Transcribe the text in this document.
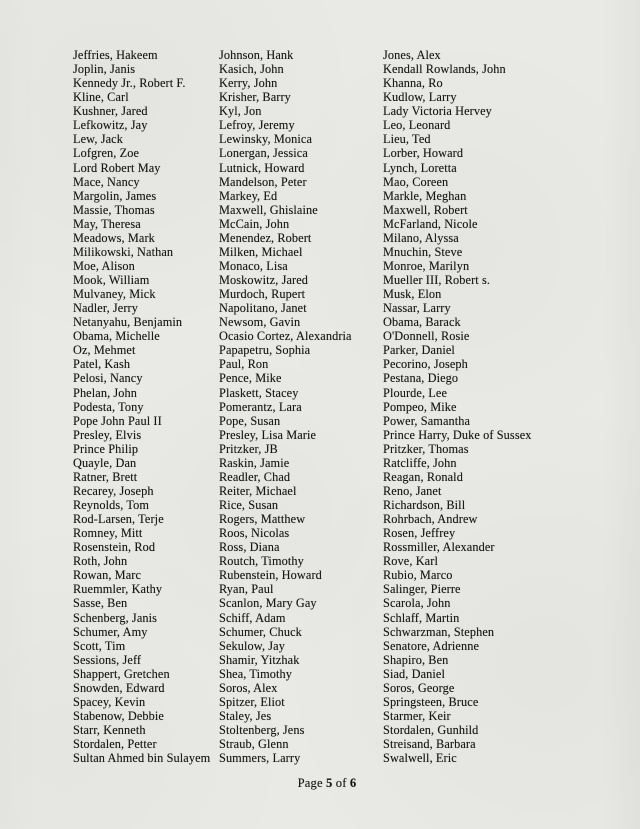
Jeffries, Hakeem
Joplin, Janis
Kennedy Jr., Robert F.
Kline, Carl
Kushner, Jared
Lefkowitz, Jay
Lew, Jack
Lofgren, Zoe
Lord Robert May
Mace, Nancy
Margolin, James
Massie, Thomas
May, Theresa
Meadows, Mark
Milikowski, Nathan
Moe, Alison
Mook, William
Mulvaney, Mick
Nadler, Jerry
Netanyahu, Benjamin
Obama, Michelle
Oz, Mehmet
Patel, Kash
Pelosi, Nancy
Phelan, John
Podesta, Tony
Pope John Paul II
Presley, Elvis
Prince Philip
Quayle, Dan
Ratner, Brett
Recarey, Joseph
Reynolds, Tom
Rod-Larsen, Terje
Romney, Mitt
Rosenstein, Rod
Roth, John
Rowan, Marc
Ruemmler, Kathy
Sasse, Ben
Schenberg, Janis
Schumer, Amy
Scott, Tim
Sessions, Jeff
Shappert, Gretchen
Snowden, Edward
Spacey, Kevin
Stabenow, Debbie
Starr, Kenneth
Stordalen, Petter
Sultan Ahmed bin Sulayem
Johnson, Hank
Kasich, John
Kerry, John
Krisher, Barry
Kyl, Jon
Lefroy, Jeremy
Lewinsky, Monica
Lonergan, Jessica
Lutnick, Howard
Mandelson, Peter
Markey, Ed
Maxwell, Ghislaine
McCain, John
Menendez, Robert
Milken, Michael
Monaco, Lisa
Moskowitz, Jared
Murdoch, Rupert
Napolitano, Janet
Newsom, Gavin
Ocasio Cortez, Alexandria
Papapetru, Sophia
Paul, Ron
Pence, Mike
Plaskett, Stacey
Pomerantz, Lara
Pope, Susan
Presley, Lisa Marie
Pritzker, JB
Raskin, Jamie
Readler, Chad
Reiter, Michael
Rice, Susan
Rogers, Matthew
Roos, Nicolas
Ross, Diana
Routch, Timothy
Rubenstein, Howard
Ryan, Paul
Scanlon, Mary Gay
Schiff, Adam
Schumer, Chuck
Sekulow, Jay
Shamir, Yitzhak
Shea, Timothy
Soros, Alex
Spitzer, Eliot
Staley, Jes
Stoltenberg, Jens
Straub, Glenn
Summers, Larry
Jones, Alex
Kendall Rowlands, John
Khanna, Ro
Kudlow, Larry
Lady Victoria Hervey
Leo, Leonard
Lieu, Ted
Lorber, Howard
Lynch, Loretta
Mao, Coreen
Markle, Meghan
Maxwell, Robert
McFarland, Nicole
Milano, Alyssa
Mnuchin, Steve
Monroe, Marilyn
Mueller III, Robert s.
Musk, Elon
Nassar, Larry
Obama, Barack
O'Donnell, Rosie
Parker, Daniel
Pecorino, Joseph
Pestana, Diego
Plourde, Lee
Pompeo, Mike
Power, Samantha
Prince Harry, Duke of Sussex
Pritzker, Thomas
Ratcliffe, John
Reagan, Ronald
Reno, Janet
Richardson, Bill
Rohrbach, Andrew
Rosen, Jeffrey
Rossmiller, Alexander
Rove, Karl
Rubio, Marco
Salinger, Pierre
Scarola, John
Schlaff, Martin
Schwarzman, Stephen
Senatore, Adrienne
Shapiro, Ben
Siad, Daniel
Soros, George
Springsteen, Bruce
Starmer, Keir
Stordalen, Gunhild
Streisand, Barbara
Swalwell, Eric
Page 5 of 6
